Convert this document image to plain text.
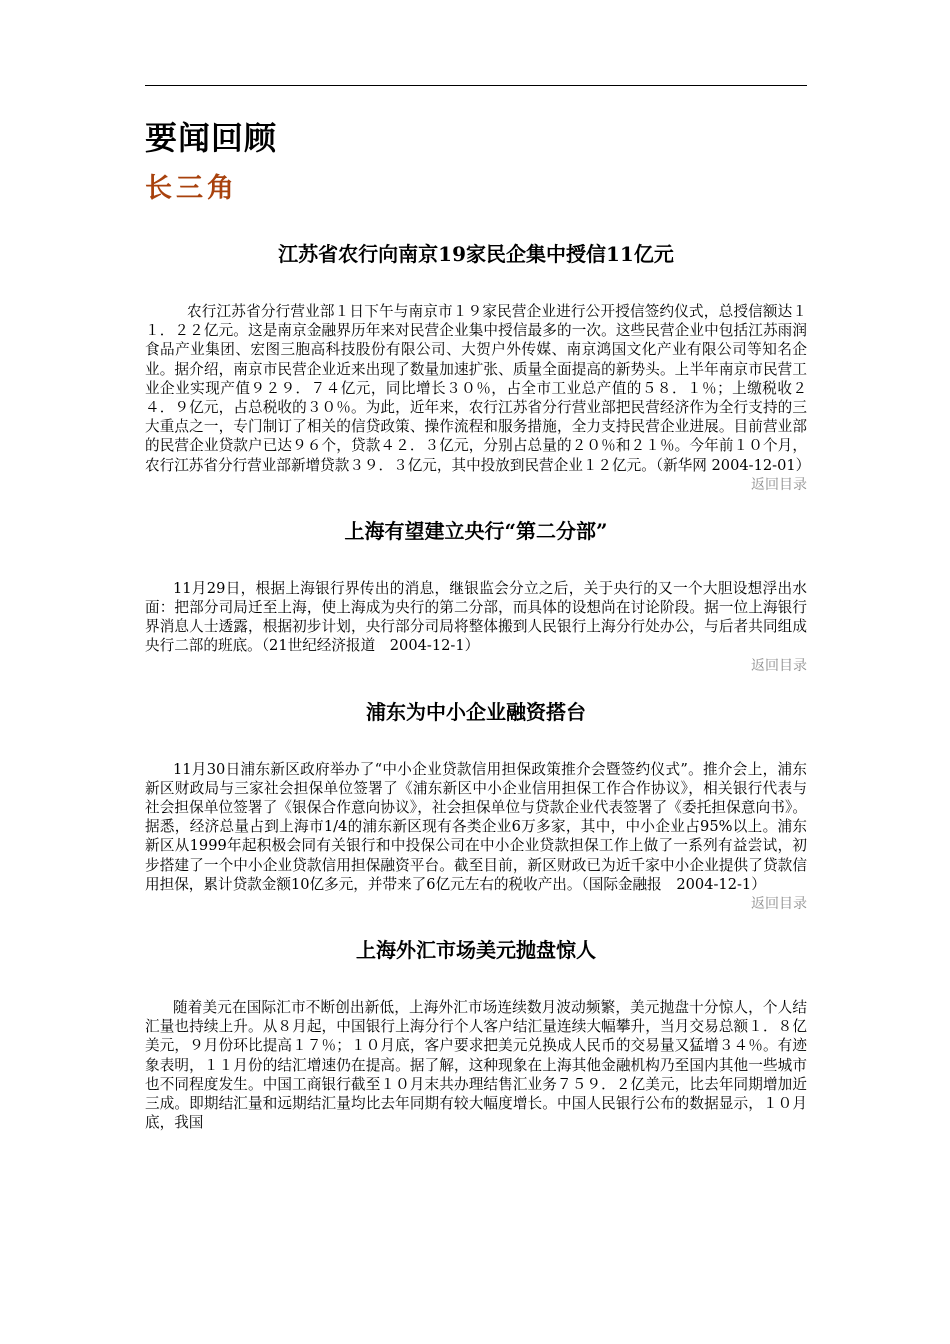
要闻回顾
长三角
江苏省农行向南京19家民企集中授信11亿元

农行江苏省分行营业部１日下午与南京市１９家民营企业进行公开授信签约仪式，总授信额达１１．２２亿元。这是南京金融界历年来对民营企业集中授信最多的一次。这些民营企业中包括江苏雨润食品产业集团、宏图三胞高科技股份有限公司、大贺户外传媒、南京鸿国文化产业有限公司等知名企业。据介绍，南京市民营企业近来出现了数量加速扩张、质量全面提高的新势头。上半年南京市民营工业企业实现产值９２９．７４亿元，同比增长３０％，占全市工业总产值的５８．１％；上缴税收２４．９亿元，占总税收的３０％。为此，近年来，农行江苏省分行营业部把民营经济作为全行支持的三大重点之一，专门制订了相关的信贷政策、操作流程和服务措施，全力支持民营企业进展。目前营业部的民营企业贷款户已达９６个，贷款４２．３亿元，分别占总量的２０％和２１％。今年前１０个月，农行江苏省分行营业部新增贷款３９．３亿元，其中投放到民营企业１２亿元。（新华网 2004-12-01）

返回目录

上海有望建立央行“第二分部”

11月29日，根据上海银行界传出的消息，继银监会分立之后，关于央行的又一个大胆设想浮出水面：把部分司局迁至上海，使上海成为央行的第二分部，而具体的设想尚在讨论阶段。据一位上海银行界消息人士透露，根据初步计划，央行部分司局将整体搬到人民银行上海分行处办公，与后者共同组成央行二部的班底。（21世纪经济报道　2004-12-1）

返回目录

浦东为中小企业融资搭台

11月30日浦东新区政府举办了“中小企业贷款信用担保政策推介会暨签约仪式”。推介会上，浦东新区财政局与三家社会担保单位签署了《浦东新区中小企业信用担保工作合作协议》，相关银行代表与社会担保单位签署了《银保合作意向协议》，社会担保单位与贷款企业代表签署了《委托担保意向书》。据悉，经济总量占到上海市1/4的浦东新区现有各类企业6万多家，其中，中小企业占95%以上。浦东新区从1999年起积极会同有关银行和中投保公司在中小企业贷款担保工作上做了一系列有益尝试，初步搭建了一个中小企业贷款信用担保融资平台。截至目前，新区财政已为近千家中小企业提供了贷款信用担保，累计贷款金额10亿多元，并带来了6亿元左右的税收产出。（国际金融报　2004-12-1）

返回目录

上海外汇市场美元抛盘惊人

随着美元在国际汇市不断创出新低，上海外汇市场连续数月波动频繁，美元抛盘十分惊人，个人结汇量也持续上升。从８月起，中国银行上海分行个人客户结汇量连续大幅攀升，当月交易总额１．８亿美元，９月份环比提高１７％；１０月底，客户要求把美元兑换成人民币的交易量又猛增３４％。有迹象表明，１１月份的结汇增速仍在提高。据了解，这种现象在上海其他金融机构乃至国内其他一些城市也不同程度发生。中国工商银行截至１０月末共办理结售汇业务７５９．２亿美元，比去年同期增加近三成。即期结汇量和远期结汇量均比去年同期有较大幅度增长。中国人民银行公布的数据显示，１０月底，我国
